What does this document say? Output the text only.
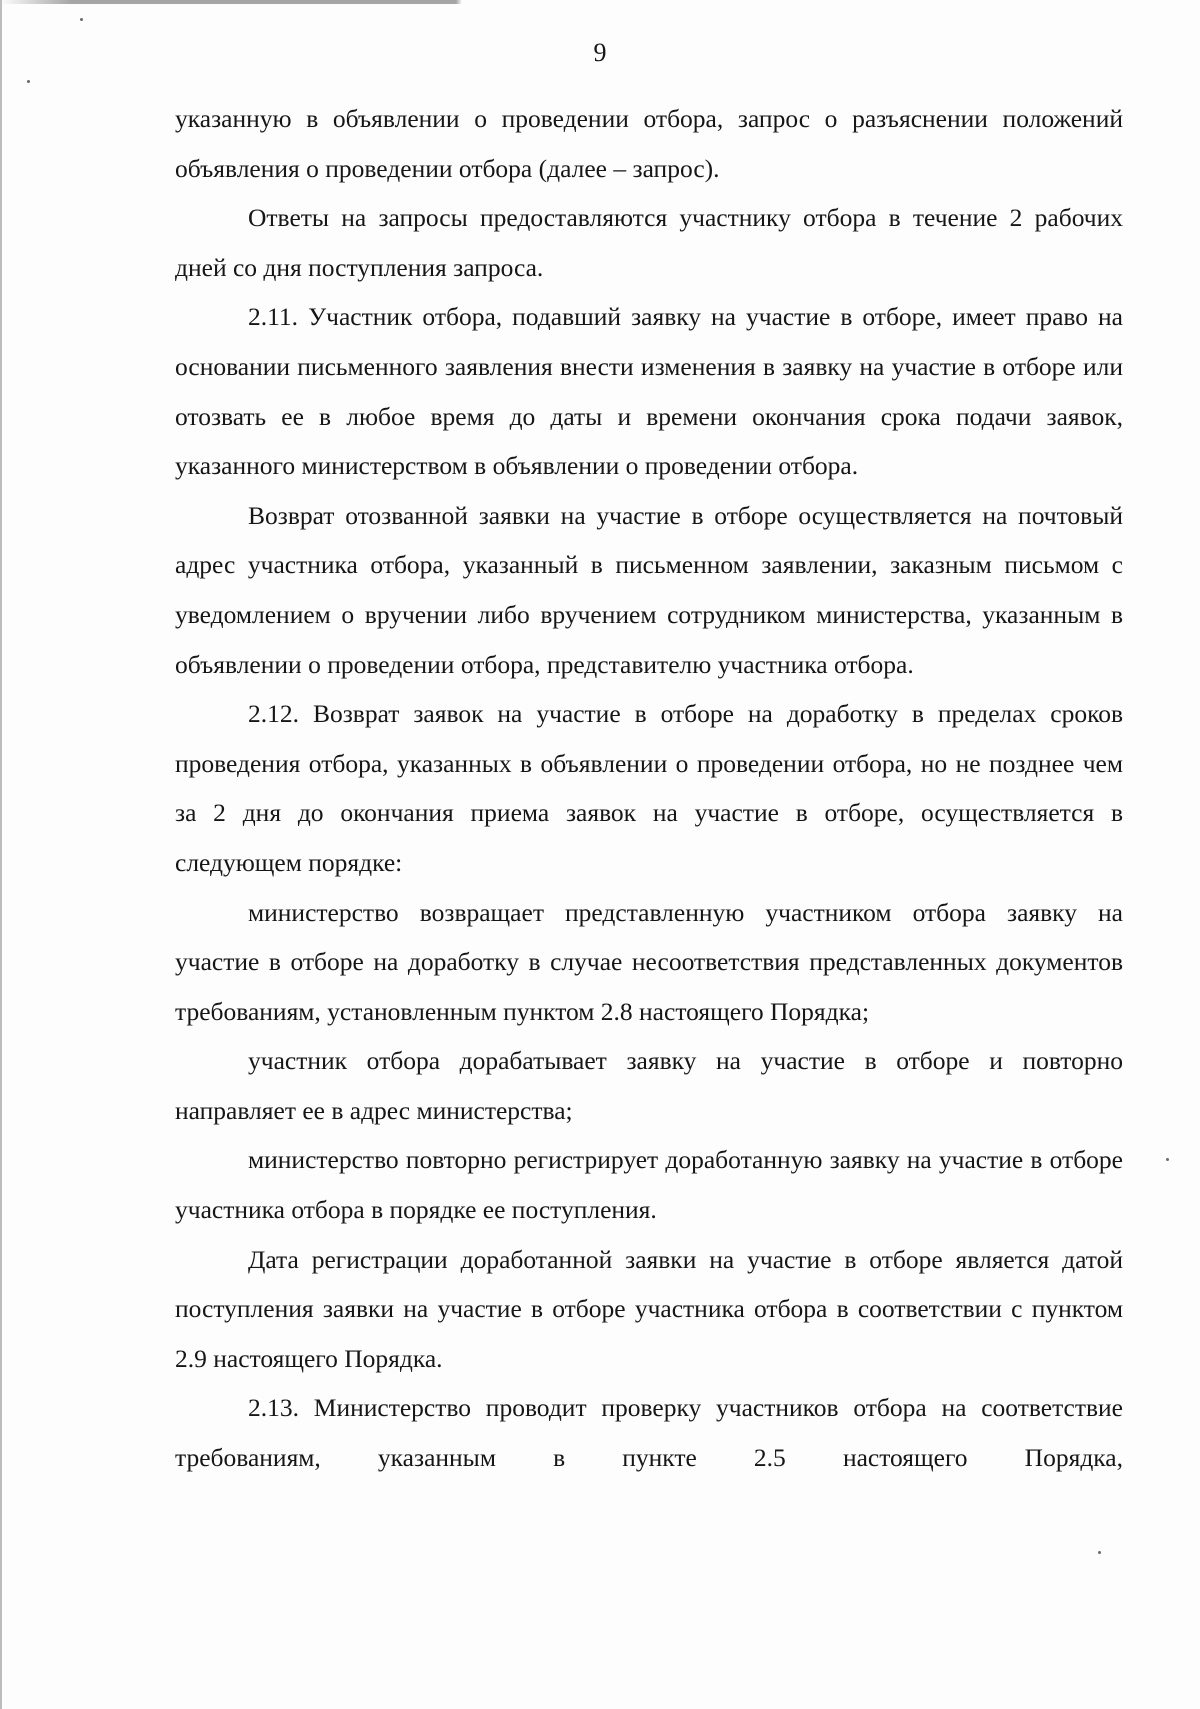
9

указанную в объявлении о проведении отбора, запрос о разъяснении положений объявления о проведении отбора (далее – запрос).

Ответы на запросы предоставляются участнику отбора в течение 2 рабочих дней со дня поступления запроса.

2.11. Участник отбора, подавший заявку на участие в отборе, имеет право на основании письменного заявления внести изменения в заявку на участие в отборе или отозвать ее в любое время до даты и времени окончания срока подачи заявок, указанного министерством в объявлении о проведении отбора.

Возврат отозванной заявки на участие в отборе осуществляется на почтовый адрес участника отбора, указанный в письменном заявлении, заказным письмом с уведомлением о вручении либо вручением сотрудником министерства, указанным в объявлении о проведении отбора, представителю участника отбора.

2.12. Возврат заявок на участие в отборе на доработку в пределах сроков проведения отбора, указанных в объявлении о проведении отбора, но не позднее чем за 2 дня до окончания приема заявок на участие в отборе, осуществляется в следующем порядке:

министерство возвращает представленную участником отбора заявку на участие в отборе на доработку в случае несоответствия представленных документов требованиям, установленным пунктом 2.8 настоящего Порядка;

участник отбора дорабатывает заявку на участие в отборе и повторно направляет ее в адрес министерства;

министерство повторно регистрирует доработанную заявку на участие в отборе участника отбора в порядке ее поступления.

Дата регистрации доработанной заявки на участие в отборе является датой поступления заявки на участие в отборе участника отбора в соответствии с пунктом 2.9 настоящего Порядка.

2.13. Министерство проводит проверку участников отбора на соответствие требованиям, указанным в пункте 2.5 настоящего Порядка,
